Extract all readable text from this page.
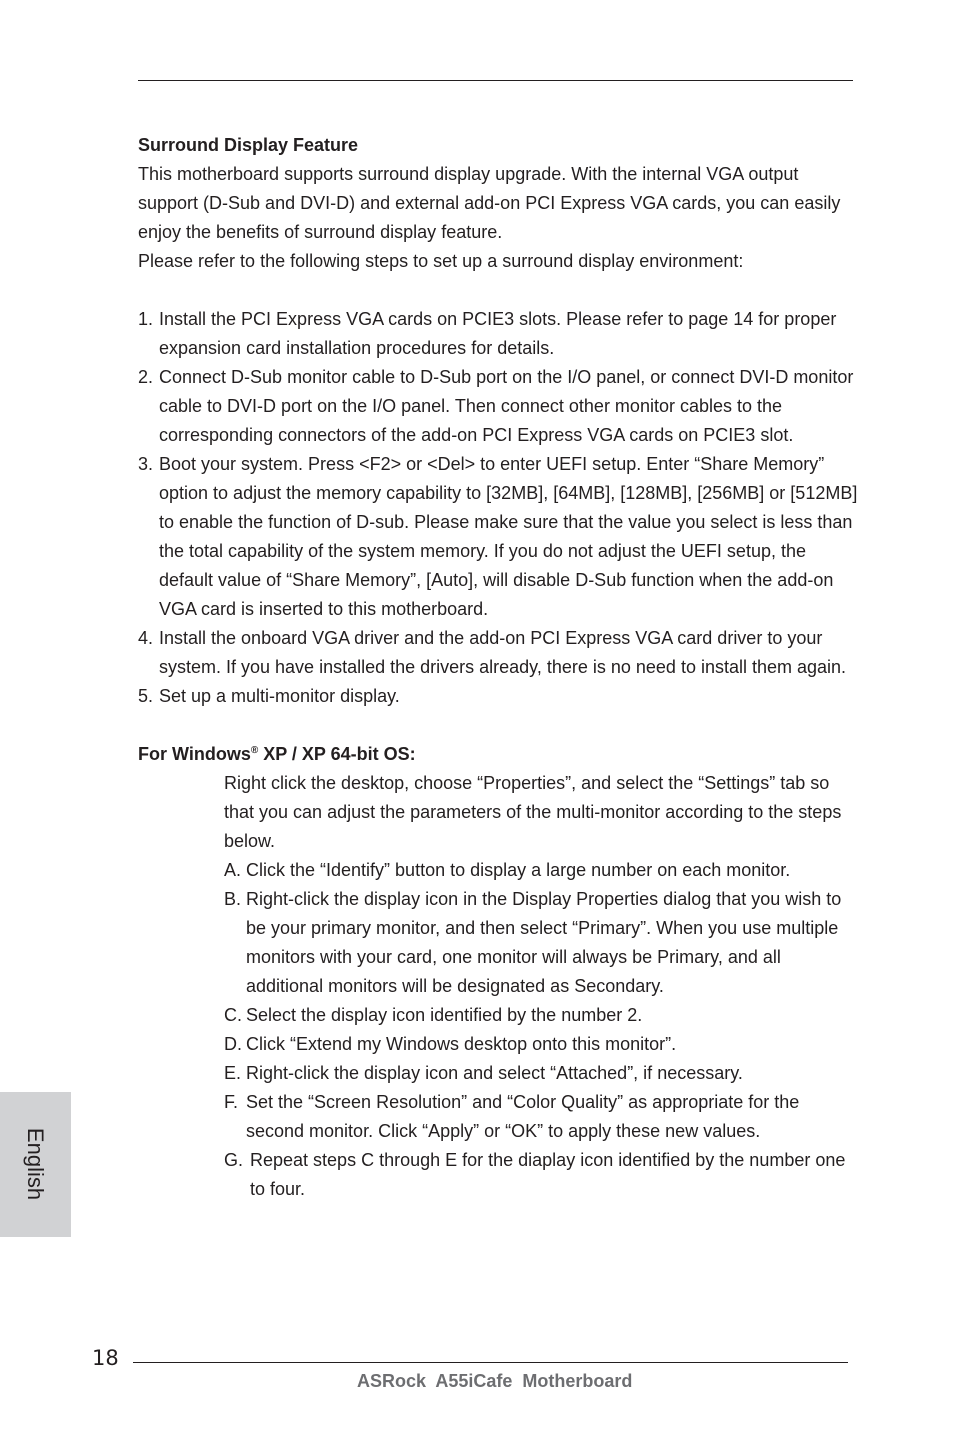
Surround Display Feature

This motherboard supports surround display upgrade. With the internal VGA output support (D-Sub and DVI-D) and external add-on PCI Express VGA cards, you can easily enjoy the benefits of surround display feature.

Please refer to the following steps to set up a surround display environment:

1. Install the PCI Express VGA cards on PCIE3 slots. Please refer to page 14 for proper expansion card installation procedures for details.
2. Connect D-Sub monitor cable to D-Sub port on the I/O panel, or connect DVI-D monitor cable to DVI-D port on the I/O panel. Then connect other monitor cables to the corresponding connectors of the add-on PCI Express VGA cards on PCIE3 slot.
3. Boot your system. Press <F2> or <Del> to enter UEFI setup. Enter “Share Memory” option to adjust the memory capability to [32MB], [64MB], [128MB], [256MB] or [512MB] to enable the function of D-sub. Please make sure that the value you select is less than the total capability of the system memory. If you do not adjust the UEFI setup, the default value of “Share Memory”, [Auto], will disable D-Sub function when the add-on VGA card is inserted to this motherboard.
4. Install the onboard VGA driver and the add-on PCI Express VGA card driver to your system. If you have installed the drivers already, there is no need to install them again.
5. Set up a multi-monitor display.

For Windows® XP / XP 64-bit OS:

Right click the desktop, choose “Properties”, and select the “Settings” tab so that you can adjust the parameters of the multi-monitor according to the steps below.

A. Click the “Identify” button to display a large number on each monitor.
B. Right-click the display icon in the Display Properties dialog that you wish to be your primary monitor, and then select “Primary”. When you use multiple monitors with your card, one monitor will always be Primary, and all additional monitors will be designated as Secondary.
C. Select the display icon identified by the number 2.
D. Click “Extend my Windows desktop onto this monitor”.
E. Right-click the display icon and select “Attached”, if necessary.
F. Set the “Screen Resolution” and “Color Quality” as appropriate for the second monitor. Click “Apply” or “OK” to apply these new values.
G. Repeat steps C through E for the diaplay icon identified by the number one to four.
English
18
ASRock  A55iCafe  Motherboard
